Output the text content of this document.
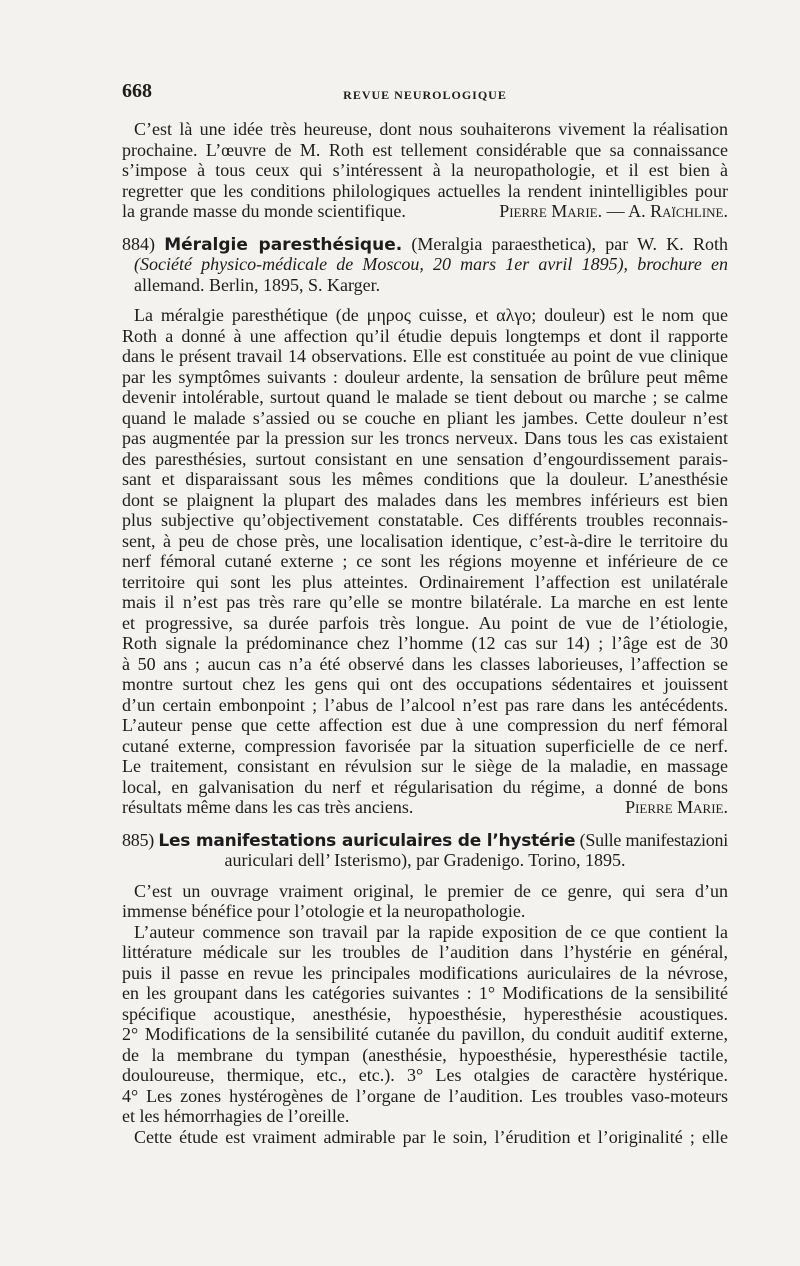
668	REVUE NEUROLOGIQUE
C’est là une idée très heureuse, dont nous souhaiterons vivement la réalisation
prochaine. L’œuvre de M. Roth est tellement considérable que sa connaissance
s’impose à tous ceux qui s’intéressent à la neuropathologie, et il est bien à
regretter que les conditions philologiques actuelles la rendent inintelligibles pour
la grande masse du monde scientifique.	Pierre Marie. — A. Raïchline.
884) Méralgie paresthésique. (Meralgia paraesthetica), par W. K. Roth
(Société physico-médicale de Moscou, 20 mars 1er avril 1895), brochure en
allemand. Berlin, 1895, S. Karger.
La méralgie paresthétique (de μηρος cuisse, et αλγο; douleur) est le nom que
Roth a donné à une affection qu’il étudie depuis longtemps et dont il rapporte
dans le présent travail 14 observations. Elle est constituée au point de vue clinique
par les symptômes suivants : douleur ardente, la sensation de brûlure peut même
devenir intolérable, surtout quand le malade se tient debout ou marche ; se calme
quand le malade s’assied ou se couche en pliant les jambes. Cette douleur n’est
pas augmentée par la pression sur les troncs nerveux. Dans tous les cas existaient
des paresthésies, surtout consistant en une sensation d’engourdissement parais-
sant et disparaissant sous les mêmes conditions que la douleur. L’anesthésie
dont se plaignent la plupart des malades dans les membres inférieurs est bien
plus subjective qu’objectivement constatable. Ces différents troubles reconnais-
sent, à peu de chose près, une localisation identique, c’est-à-dire le territoire du
nerf fémoral cutané externe ; ce sont les régions moyenne et inférieure de ce
territoire qui sont les plus atteintes. Ordinairement l’affection est unilatérale
mais il n’est pas très rare qu’elle se montre bilatérale. La marche en est lente
et progressive, sa durée parfois très longue. Au point de vue de l’étiologie,
Roth signale la prédominance chez l’homme (12 cas sur 14) ; l’âge est de 30
à 50 ans ; aucun cas n’a été observé dans les classes laborieuses, l’affection se
montre surtout chez les gens qui ont des occupations sédentaires et jouissent
d’un certain embonpoint ; l’abus de l’alcool n’est pas rare dans les antécédents.
L’auteur pense que cette affection est due à une compression du nerf fémoral
cutané externe, compression favorisée par la situation superficielle de ce nerf.
Le traitement, consistant en révulsion sur le siège de la maladie, en massage
local, en galvanisation du nerf et régularisation du régime, a donné de bons
résultats même dans les cas très anciens.	Pierre Marie.
885) Les manifestations auriculaires de l’hystérie (Sulle manifestazioni
auriculari dell’ Isterismo), par Gradenigo. Torino, 1895.
C’est un ouvrage vraiment original, le premier de ce genre, qui sera d’un
immense bénéfice pour l’otologie et la neuropathologie.
L’auteur commence son travail par la rapide exposition de ce que contient la
littérature médicale sur les troubles de l’audition dans l’hystérie en général,
puis il passe en revue les principales modifications auriculaires de la névrose,
en les groupant dans les catégories suivantes : 1° Modifications de la sensibilité
spécifique acoustique, anesthésie, hypoesthésie, hyperesthésie acoustiques.
2° Modifications de la sensibilité cutanée du pavillon, du conduit auditif externe,
de la membrane du tympan (anesthésie, hypoesthésie, hyperesthésie tactile,
douloureuse, thermique, etc., etc.). 3° Les otalgies de caractère hystérique.
4° Les zones hystérogènes de l’organe de l’audition. Les troubles vaso-moteurs
et les hémorrhagies de l’oreille.
Cette étude est vraiment admirable par le soin, l’érudition et l’originalité ; elle
